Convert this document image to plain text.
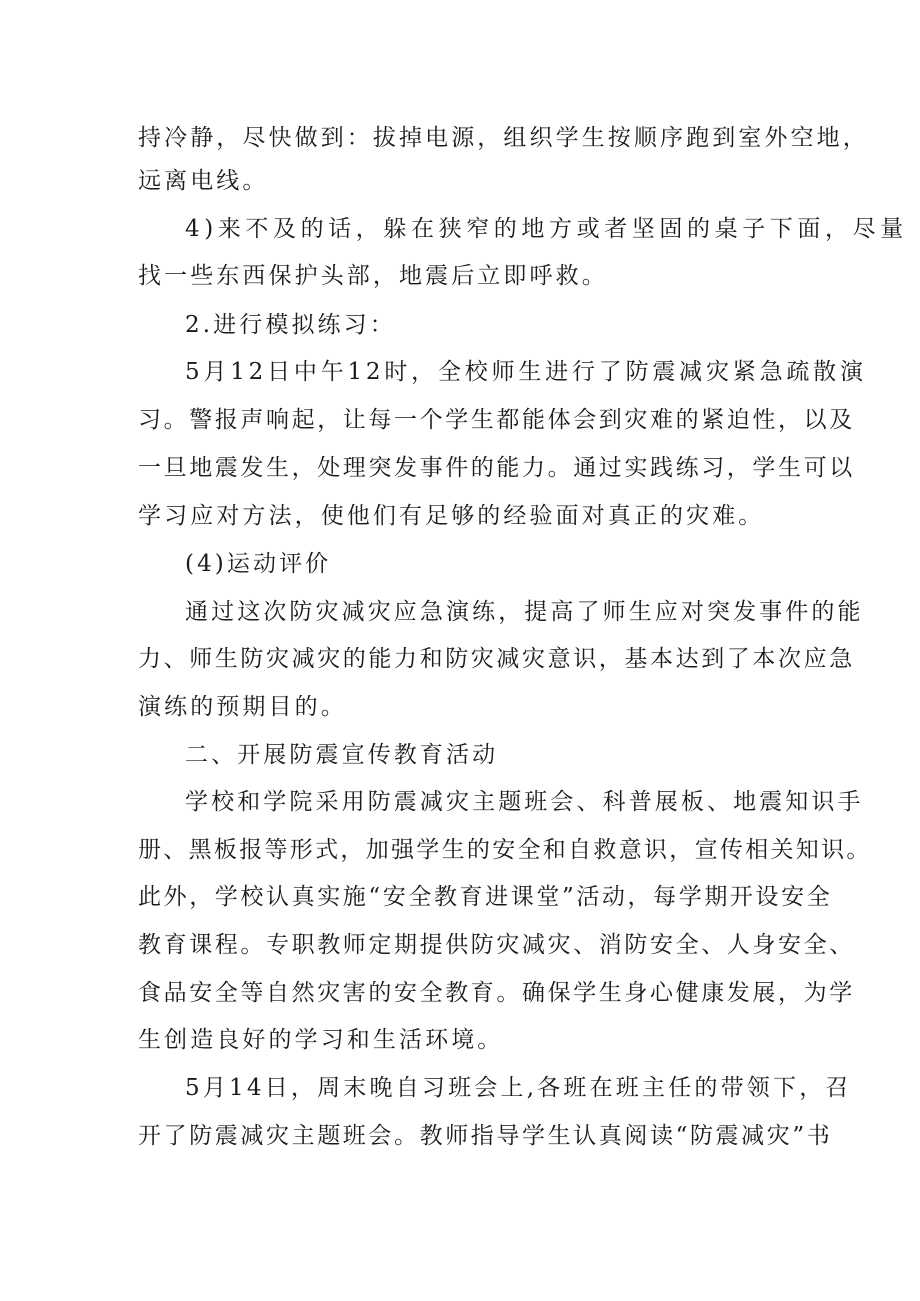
持冷静，尽快做到：拔掉电源，组织学生按顺序跑到室外空地，

远离电线。

4)来不及的话，躲在狭窄的地方或者坚固的桌子下面，尽量

找一些东西保护头部，地震后立即呼救。

2.进行模拟练习：

5月12日中午12时，全校师生进行了防震减灾紧急疏散演

习。警报声响起，让每一个学生都能体会到灾难的紧迫性，以及

一旦地震发生，处理突发事件的能力。通过实践练习，学生可以

学习应对方法，使他们有足够的经验面对真正的灾难。

(4)运动评价

通过这次防灾减灾应急演练，提高了师生应对突发事件的能

力、师生防灾减灾的能力和防灾减灾意识，基本达到了本次应急

演练的预期目的。

二、开展防震宣传教育活动

学校和学院采用防震减灾主题班会、科普展板、地震知识手

册、黑板报等形式，加强学生的安全和自救意识，宣传相关知识。

此外，学校认真实施“安全教育进课堂”活动，每学期开设安全

教育课程。专职教师定期提供防灾减灾、消防安全、人身安全、

食品安全等自然灾害的安全教育。确保学生身心健康发展，为学

生创造良好的学习和生活环境。

5月14日，周末晚自习班会上,各班在班主任的带领下，召

开了防震减灾主题班会。教师指导学生认真阅读“防震减灾”书
